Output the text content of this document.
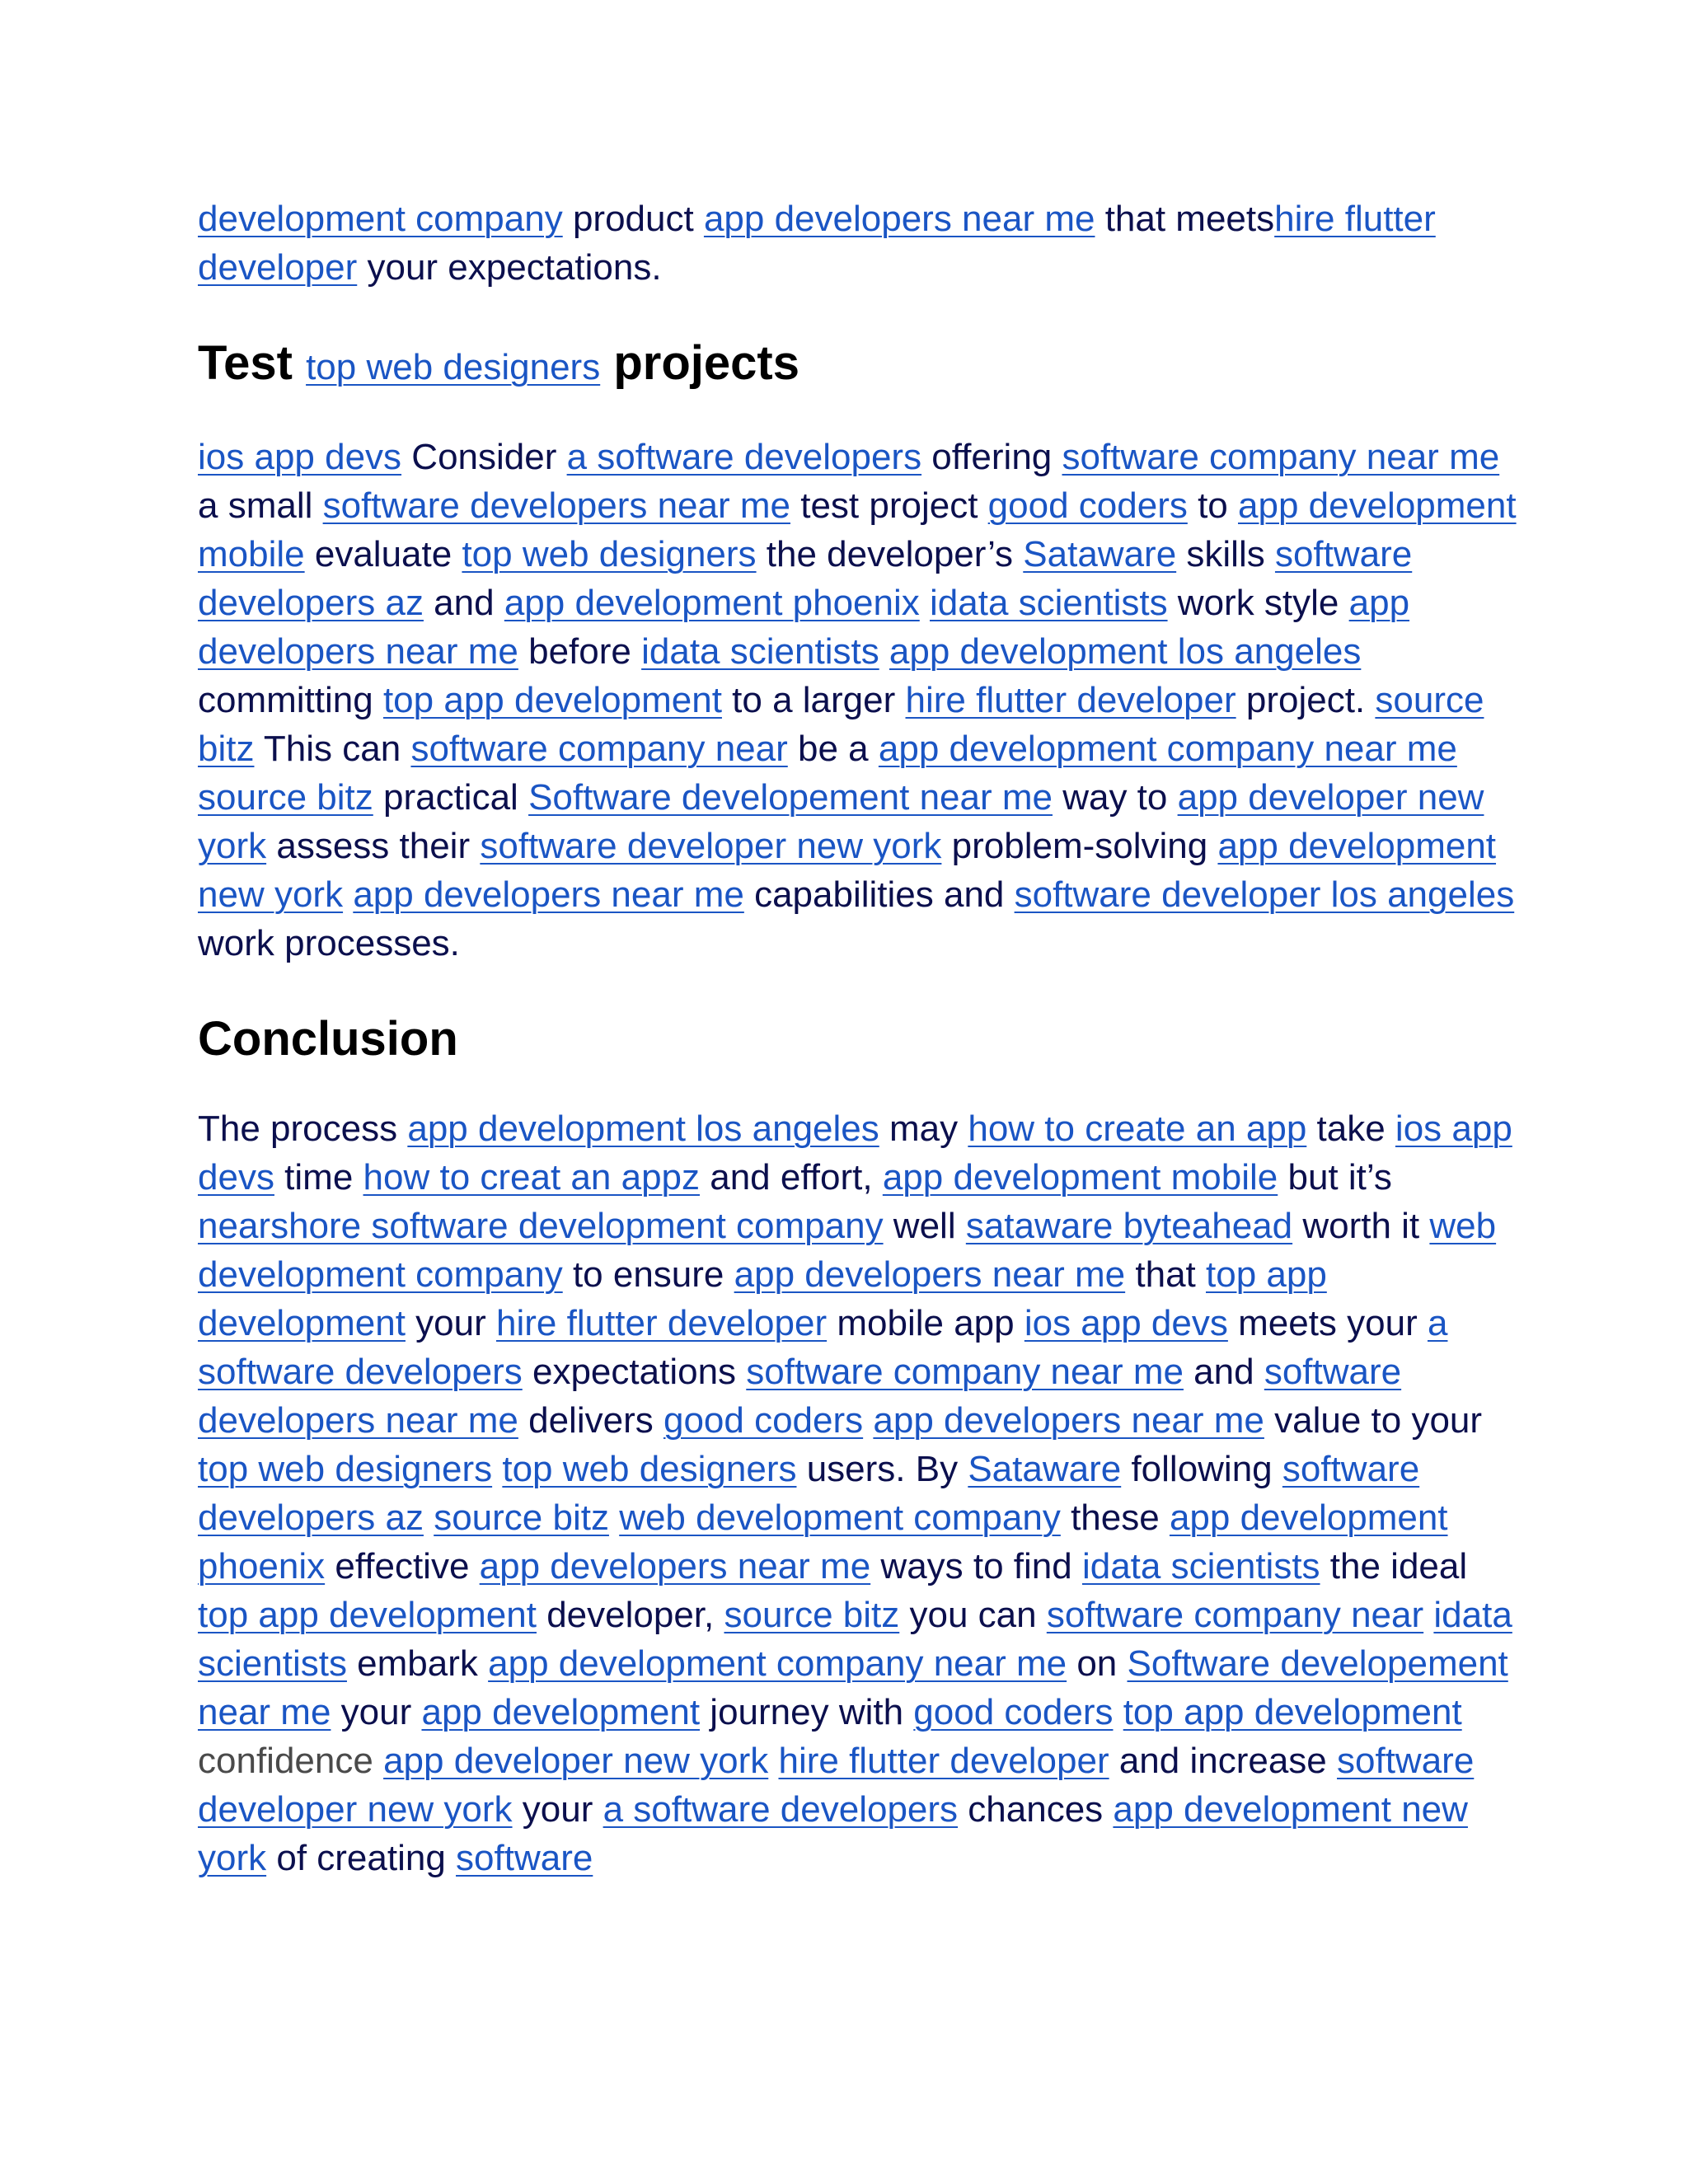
development company product app developers near me that meetshire flutter developer your expectations.

Test top web designers projects

ios app devs Consider a software developers offering software company near me a small software developers near me test project good coders to app development mobile evaluate top web designers the developer’s Sataware skills software developers az and app development phoenix idata scientists work style app developers near me before idata scientists app development los angeles committing top app development to a larger hire flutter developer project. source bitz This can software company near be a app development company near me source bitz practical Software developement near me way to app developer new york assess their software developer new york problem-solving app development new york app developers near me capabilities and software developer los angeles work processes.

Conclusion

The process app development los angeles may how to create an app take ios app devs time how to creat an appz and effort, app development mobile but it’s nearshore software development company well sataware byteahead worth it web development company to ensure app developers near me that top app development your hire flutter developer mobile app ios app devs meets your a software developers expectations software company near me and software developers near me delivers good coders app developers near me value to your top web designers top web designers users. By Sataware following software developers az source bitz web development company these app development phoenix effective app developers near me ways to find idata scientists the ideal top app development developer, source bitz you can software company near idata scientists embark app development company near me on Software developement near me your app development journey with good coders top app development confidence app developer new york hire flutter developer and increase software developer new york your a software developers chances app development new york of creating software
